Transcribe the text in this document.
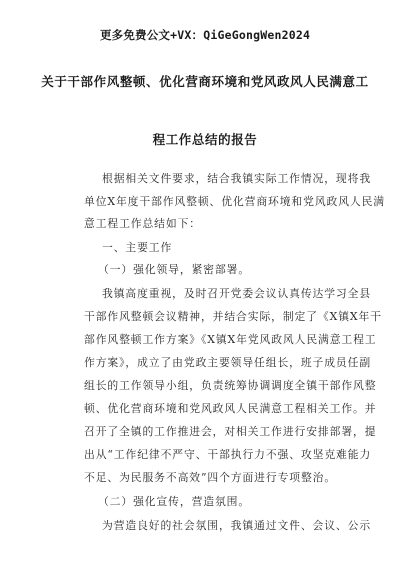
更多免费公文+VX：QiGeGongWen2024
关于干部作风整顿、优化营商环境和党风政风人民满意工
程工作总结的报告
根据相关文件要求，结合我镇实际工作情况，现将我
单位X年度干部作风整顿、优化营商环境和党风政风人民满
意工程工作总结如下：
一、主要工作
（一）强化领导，紧密部署。
我镇高度重视，及时召开党委会议认真传达学习全县
干部作风整顿会议精神，并结合实际，制定了《X镇X年干
部作风整顿工作方案》《X镇X年党风政风人民满意工程工
作方案》，成立了由党政主要领导任组长，班子成员任副
组长的工作领导小组，负责统筹协调调度全镇干部作风整
顿、优化营商环境和党风政风人民满意工程相关工作。并
召开了全镇的工作推进会，对相关工作进行安排部署，提
出从“工作纪律不严守、干部执行力不强、攻坚克难能力
不足、为民服务不高效”四个方面进行专项整治。
（二）强化宣传，营造氛围。
为营造良好的社会氛围，我镇通过文件、会议、公示
